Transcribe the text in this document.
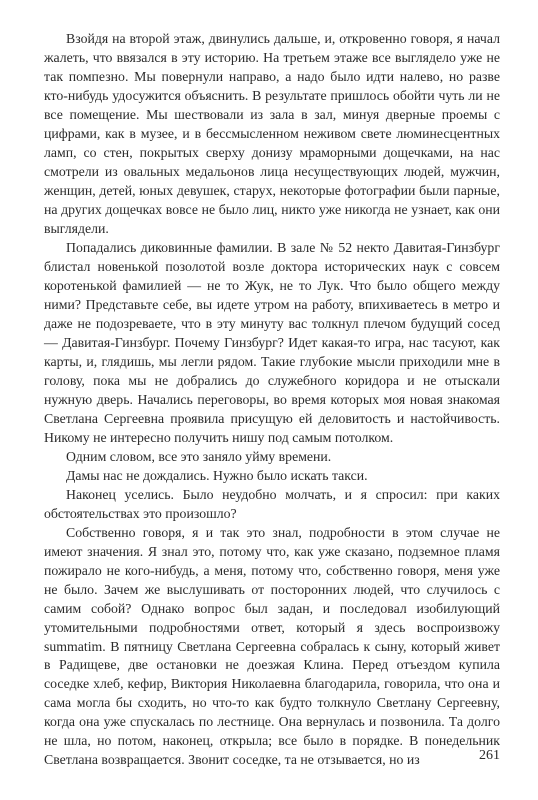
Взойдя на второй этаж, двинулись дальше, и, откровенно говоря, я начал жалеть, что ввязался в эту историю. На третьем этаже все выглядело уже не так помпезно. Мы повернули направо, а надо было идти налево, но разве кто-нибудь удосужится объяснить. В результате пришлось обойти чуть ли не все помещение. Мы шествовали из зала в зал, минуя дверные проемы с цифрами, как в музее, и в бессмысленном неживом свете люминесцентных ламп, со стен, покрытых сверху донизу мраморными дощечками, на нас смотрели из овальных медальонов лица несуществующих людей, мужчин, женщин, детей, юных девушек, старух, некоторые фотографии были парные, на других дощечках вовсе не было лиц, никто уже никогда не узнает, как они выглядели.

Попадались диковинные фамилии. В зале № 52 некто Давитая-Гинзбург блистал новенькой позолотой возле доктора исторических наук с совсем коротенькой фамилией — не то Жук, не то Лук. Что было общего между ними? Представьте себе, вы идете утром на работу, впихиваетесь в метро и даже не подозреваете, что в эту минуту вас толкнул плечом будущий сосед — Давитая-Гинзбург. Почему Гинзбург? Идет какая-то игра, нас тасуют, как карты, и, глядишь, мы легли рядом. Такие глубокие мысли приходили мне в голову, пока мы не добрались до служебного коридора и не отыскали нужную дверь. Начались переговоры, во время которых моя новая знакомая Светлана Сергеевна проявила присущую ей деловитость и настойчивость. Никому не интересно получить нишу под самым потолком.

Одним словом, все это заняло уйму времени.

Дамы нас не дождались. Нужно было искать такси.

Наконец уселись. Было неудобно молчать, и я спросил: при каких обстоятельствах это произошло?

Собственно говоря, я и так это знал, подробности в этом случае не имеют значения. Я знал это, потому что, как уже сказано, подземное пламя пожирало не кого-нибудь, а меня, потому что, собственно говоря, меня уже не было. Зачем же выслушивать от посторонних людей, что случилось с самим собой? Однако вопрос был задан, и последовал изобилующий утомительными подробностями ответ, который я здесь воспроизвожу summatim. В пятницу Светлана Сергеевна собралась к сыну, который живет в Радищеве, две остановки не доезжая Клина. Перед отъездом купила соседке хлеб, кефир, Виктория Николаевна благодарила, говорила, что она и сама могла бы сходить, но что-то как будто толкнуло Светлану Сергеевну, когда она уже спускалась по лестнице. Она вернулась и позвонила. Та долго не шла, но потом, наконец, открыла; все было в порядке. В понедельник Светлана возвращается. Звонит соседке, та не отзывается, но из	261
